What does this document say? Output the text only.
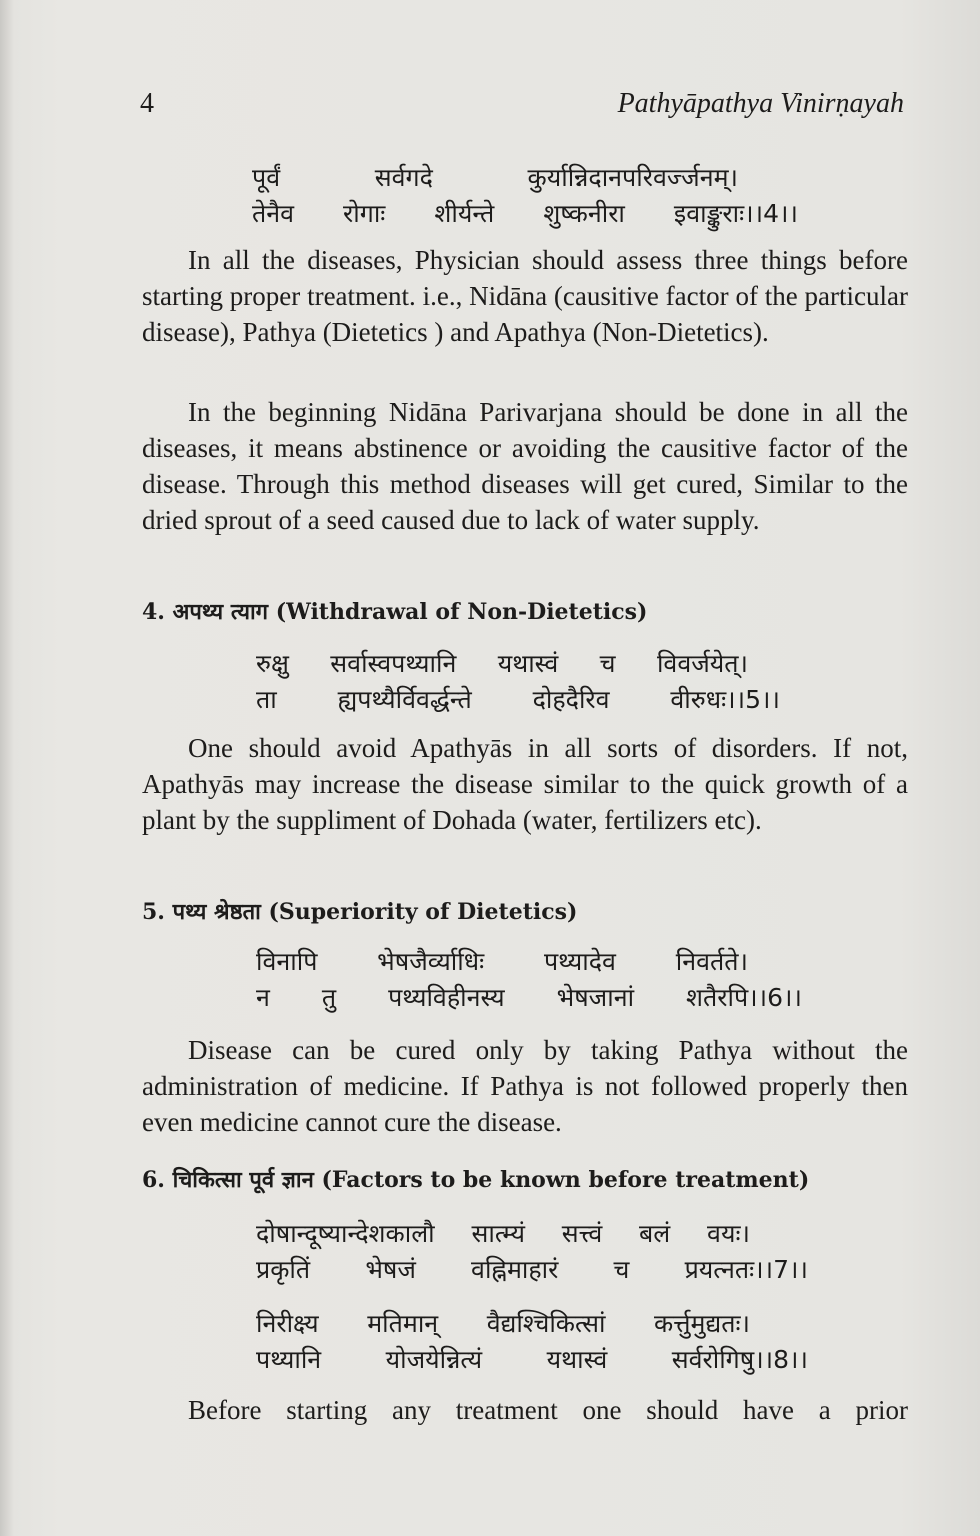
4	Pathyāpathya Vinirṇayah
पूर्वं	सर्वगदे	कुर्यान्निदानपरिवर्ज्जनम्।
तेनैव रोगाः शीर्यन्ते शुष्कनीरा इवाङ्कुराः।।4।।

In all the diseases, Physician should assess three things before starting proper treatment. i.e., Nidāna (causitive factor of the particular disease), Pathya (Dietetics ) and Apathya (Non-Dietetics).

In the beginning Nidāna Parivarjana should be done in all the diseases, it means abstinence or avoiding the causitive factor of the disease. Through this method diseases will get cured, Similar to the dried sprout of a seed caused due to lack of water supply.

4. अपथ्य त्याग (Withdrawal of Non-Dietetics)
रुक्षु सर्वास्वपथ्यानि यथास्वं च विवर्जयेत्।
ता ह्यपथ्यैर्विवर्द्धन्ते दोहदैरिव वीरुधः।।5।।

One should avoid Apathyās in all sorts of disorders. If not, Apathyās may increase the disease similar to the quick growth of a plant by the suppliment of Dohada (water, fertilizers etc).

5. पथ्य श्रेष्ठता (Superiority of Dietetics)
विनापि भेषजैर्व्याधिः पथ्यादेव निवर्तते।
न तु पथ्यविहीनस्य भेषजानां शतैरपि।।6।।

Disease can be cured only by taking Pathya without the administration of medicine. If Pathya is not followed properly then even medicine cannot cure the disease.

6. चिकित्सा पूर्व ज्ञान (Factors to be known before treatment)
दोषान्दूष्यान्देशकालौ सात्म्यं सत्त्वं बलं वयः।
प्रकृतिं भेषजं वह्निमाहारं च प्रयत्नतः।।7।।
निरीक्ष्य मतिमान् वैद्यश्चिकित्सां कर्त्तुमुद्यतः।
पथ्यानि	योजयेन्नित्यं	यथास्वं	सर्वरोगिषु।।8।।

Before starting any treatment one should have a prior
